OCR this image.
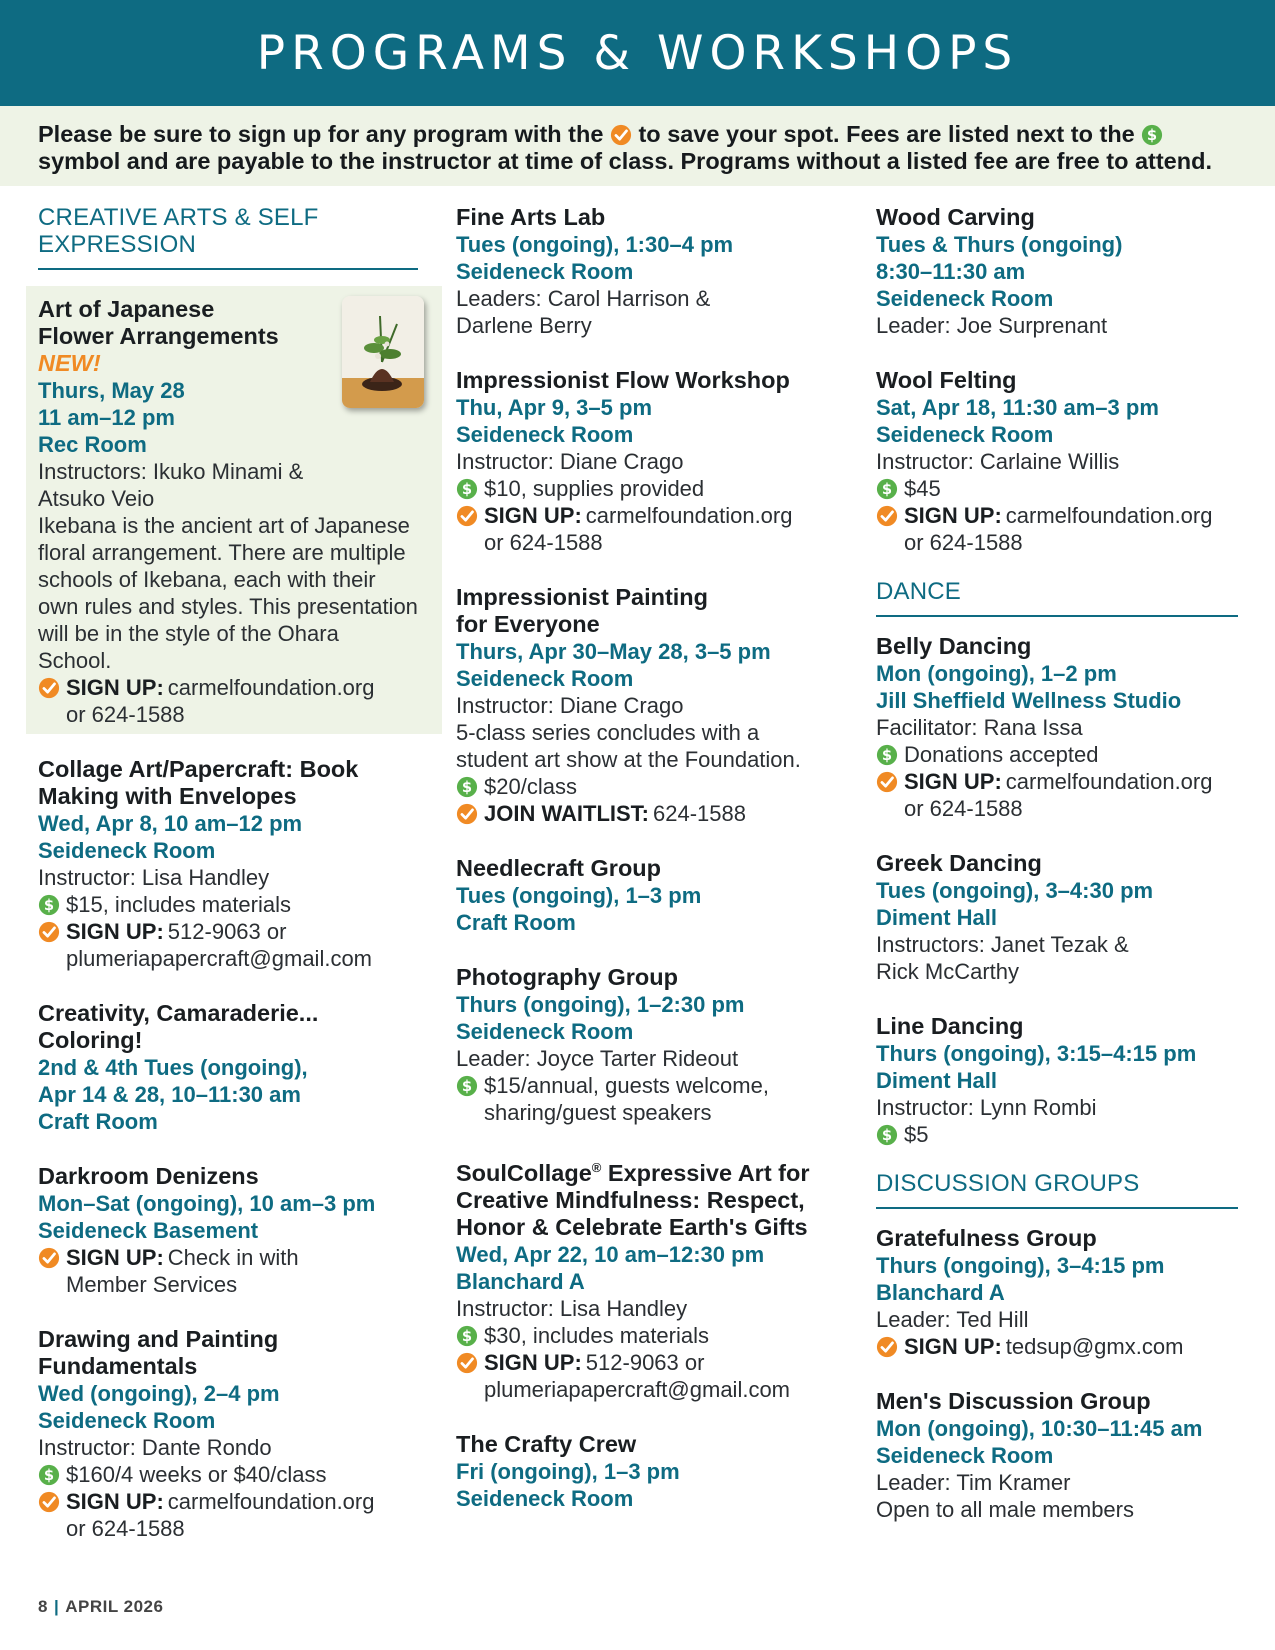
PROGRAMS & WORKSHOPS
Please be sure to sign up for any program with the to save your spot. Fees are listed next to the  symbol and are payable to the instructor at time of class. Programs without a listed fee are free to attend.
CREATIVE ARTS & SELF EXPRESSION
Art of Japanese Flower Arrangements NEW!
Thurs, May 28
11 am–12 pm
Rec Room
Instructors: Ikuko Minami & Atsuko Veio
Ikebana is the ancient art of Japanese floral arrangement. There are multiple schools of Ikebana, each with their own rules and styles. This presentation will be in the style of the Ohara School.
SIGN UP: carmelfoundation.org
or 624-1588
Collage Art/Papercraft: Book Making with Envelopes
Wed, Apr 8, 10 am–12 pm
Seideneck Room
Instructor: Lisa Handley
$15, includes materials
SIGN UP: 512-9063 or
plumeriapapercraft@gmail.com
Creativity, Camaraderie... Coloring!
2nd & 4th Tues (ongoing),
Apr 14 & 28, 10–11:30 am
Craft Room
Darkroom Denizens
Mon–Sat (ongoing), 10 am–3 pm
Seideneck Basement
SIGN UP: Check in with
Member Services
Drawing and Painting Fundamentals
Wed (ongoing), 2–4 pm
Seideneck Room
Instructor: Dante Rondo
$160/4 weeks or $40/class
SIGN UP: carmelfoundation.org
or 624-1588
Fine Arts Lab
Tues (ongoing), 1:30–4 pm
Seideneck Room
Leaders: Carol Harrison & Darlene Berry
Impressionist Flow Workshop
Thu, Apr 9, 3–5 pm
Seideneck Room
Instructor: Diane Crago
$10, supplies provided
SIGN UP: carmelfoundation.org
or 624-1588
Impressionist Painting for Everyone
Thurs, Apr 30–May 28, 3–5 pm
Seideneck Room
Instructor: Diane Crago
5-class series concludes with a student art show at the Foundation.
$20/class
JOIN WAITLIST: 624-1588
Needlecraft Group
Tues (ongoing), 1–3 pm
Craft Room
Photography Group
Thurs (ongoing), 1–2:30 pm
Seideneck Room
Leader: Joyce Tarter Rideout
$15/annual, guests welcome,
sharing/guest speakers
SoulCollage® Expressive Art for Creative Mindfulness: Respect, Honor & Celebrate Earth's Gifts
Wed, Apr 22, 10 am–12:30 pm
Blanchard A
Instructor: Lisa Handley
$30, includes materials
SIGN UP: 512-9063 or
plumeriapapercraft@gmail.com
The Crafty Crew
Fri (ongoing), 1–3 pm
Seideneck Room
Wood Carving
Tues & Thurs (ongoing)
8:30–11:30 am
Seideneck Room
Leader: Joe Surprenant
Wool Felting
Sat, Apr 18, 11:30 am–3 pm
Seideneck Room
Instructor: Carlaine Willis
$45
SIGN UP: carmelfoundation.org
or 624-1588
DANCE
Belly Dancing
Mon (ongoing), 1–2 pm
Jill Sheffield Wellness Studio
Facilitator: Rana Issa
Donations accepted
SIGN UP: carmelfoundation.org
or 624-1588
Greek Dancing
Tues (ongoing), 3–4:30 pm
Diment Hall
Instructors: Janet Tezak & Rick McCarthy
Line Dancing
Thurs (ongoing), 3:15–4:15 pm
Diment Hall
Instructor: Lynn Rombi
$5
DISCUSSION GROUPS
Gratefulness Group
Thurs (ongoing), 3–4:15 pm
Blanchard A
Leader: Ted Hill
SIGN UP: tedsup@gmx.com
Men's Discussion Group
Mon (ongoing), 10:30–11:45 am
Seideneck Room
Leader: Tim Kramer
Open to all male members
8 | APRIL 2026
